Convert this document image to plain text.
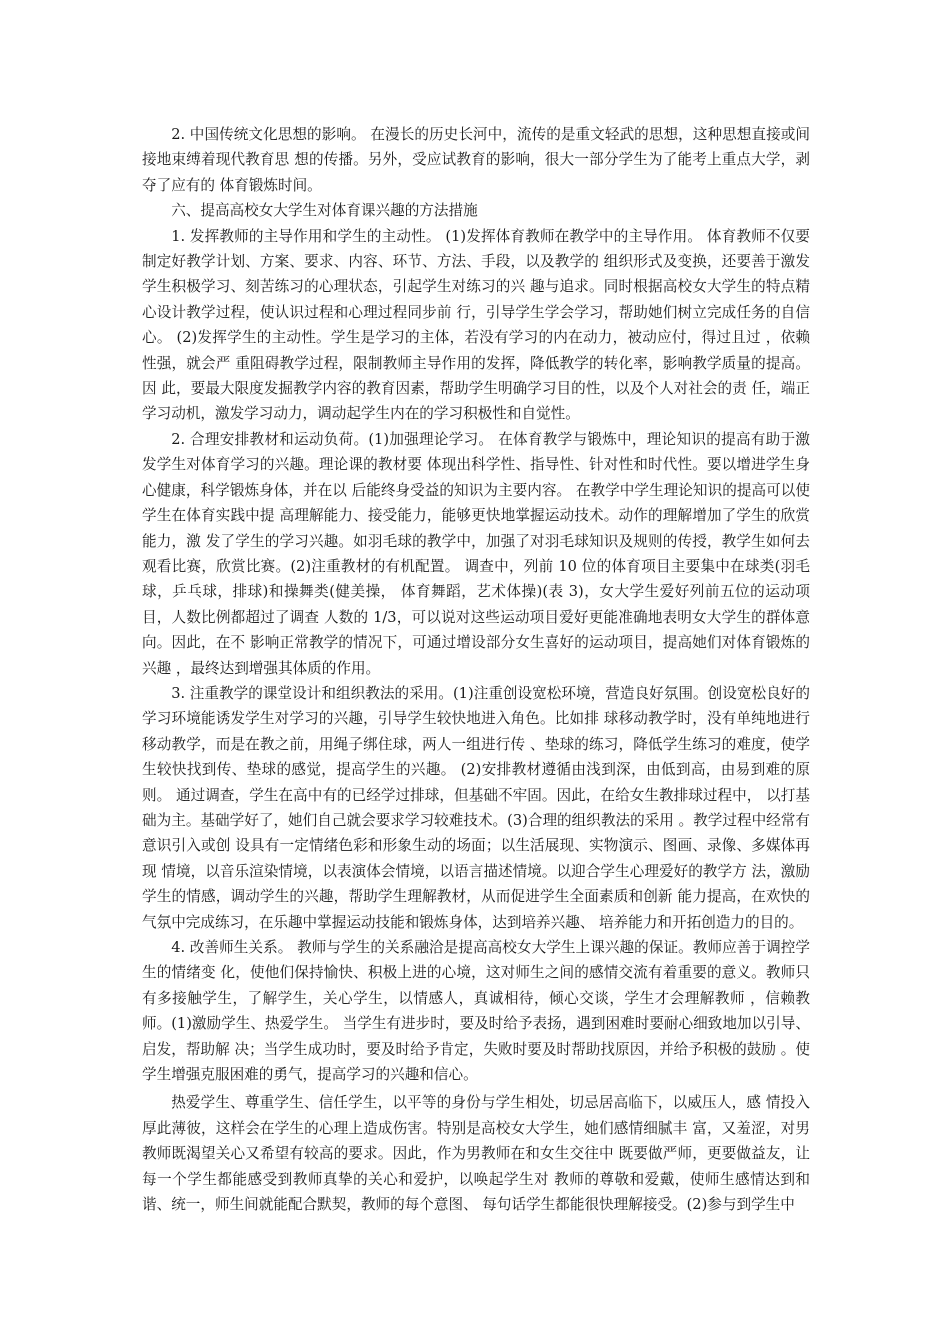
2. 中国传统文化思想的影响。 在漫长的历史长河中，流传的是重文轻武的思想，这种思想直接或间接地束缚着现代教育思 想的传播。另外，受应试教育的影响，很大一部分学生为了能考上重点大学，剥夺了应有的 体育锻炼时间。

六、提高高校女大学生对体育课兴趣的方法措施

1. 发挥教师的主导作用和学生的主动性。 (1)发挥体育教师在教学中的主导作用。 体育教师不仅要制定好教学计划、方案、要求、内容、环节、方法、手段，以及教学的 组织形式及变换，还要善于激发学生积极学习、刻苦练习的心理状态，引起学生对练习的兴 趣与追求。同时根据高校女大学生的特点精心设计教学过程，使认识过程和心理过程同步前 行，引导学生学会学习，帮助她们树立完成任务的自信心。 (2)发挥学生的主动性。学生是学习的主体，若没有学习的内在动力，被动应付，得过且过 ，依赖性强，就会严 重阻碍教学过程，限制教师主导作用的发挥，降低教学的转化率，影响教学质量的提高。因 此，要最大限度发掘教学内容的教育因素，帮助学生明确学习目的性，以及个人对社会的责 任，端正学习动机，激发学习动力，调动起学生内在的学习积极性和自觉性。

2. 合理安排教材和运动负荷。(1)加强理论学习。 在体育教学与锻炼中，理论知识的提高有助于激发学生对体育学习的兴趣。理论课的教材要 体现出科学性、指导性、针对性和时代性。要以增进学生身心健康，科学锻炼身体，并在以 后能终身受益的知识为主要内容。 在教学中学生理论知识的提高可以使学生在体育实践中提 高理解能力、接受能力，能够更快地掌握运动技术。动作的理解增加了学生的欣赏能力，激 发了学生的学习兴趣。如羽毛球的教学中，加强了对羽毛球知识及规则的传授，教学生如何去 观看比赛，欣赏比赛。(2)注重教材的有机配置。 调查中，列前 10 位的体育项目主要集中在球类(羽毛球，乒乓球，排球)和操舞类(健美操， 体育舞蹈，艺术体操)(表 3)，女大学生爱好列前五位的运动项目，人数比例都超过了调查 人数的 1/3，可以说对这些运动项目爱好更能准确地表明女大学生的群体意向。因此，在不 影响正常教学的情况下，可通过增设部分女生喜好的运动项目，提高她们对体育锻炼的兴趣 ，最终达到增强其体质的作用。

3. 注重教学的课堂设计和组织教法的采用。(1)注重创设宽松环境，营造良好氛围。创设宽松良好的学习环境能诱发学生对学习的兴趣，引导学生较快地进入角色。比如排 球移动教学时，没有单纯地进行移动教学，而是在教之前，用绳子绑住球，两人一组进行传 、垫球的练习，降低学生练习的难度，使学生较快找到传、垫球的感觉，提高学生的兴趣。 (2)安排教材遵循由浅到深，由低到高，由易到难的原则。 通过调查，学生在高中有的已经学过排球，但基础不牢固。因此，在给女生教排球过程中， 以打基础为主。基础学好了，她们自己就会要求学习较难技术。(3)合理的组织教法的采用 。教学过程中经常有意识引入或创 设具有一定情绪色彩和形象生动的场面；以生活展现、实物演示、图画、录像、多媒体再现 情境，以音乐渲染情境，以表演体会情境，以语言描述情境。以迎合学生心理爱好的教学方 法，激励学生的情感，调动学生的兴趣，帮助学生理解教材，从而促进学生全面素质和创新 能力提高，在欢快的气氛中完成练习，在乐趣中掌握运动技能和锻炼身体，达到培养兴趣、 培养能力和开拓创造力的目的。

4. 改善师生关系。 教师与学生的关系融洽是提高高校女大学生上课兴趣的保证。教师应善于调控学生的情绪变 化，使他们保持愉快、积极上进的心境，这对师生之间的感情交流有着重要的意义。教师只 有多接触学生，了解学生，关心学生，以情感人，真诚相待，倾心交谈，学生才会理解教师 ，信赖教师。(1)激励学生、热爱学生。 当学生有进步时，要及时给予表扬，遇到困难时要耐心细致地加以引导、启发，帮助解 决；当学生成功时，要及时给予肯定，失败时要及时帮助找原因，并给予积极的鼓励 。使学生增强克服困难的勇气，提高学习的兴趣和信心。

热爱学生、尊重学生、信任学生，以平等的身份与学生相处，切忌居高临下，以威压人，感 情投入厚此薄彼，这样会在学生的心理上造成伤害。特别是高校女大学生，她们感情细腻丰 富，又羞涩，对男教师既渴望关心又希望有较高的要求。因此，作为男教师在和女生交往中 既要做严师，更要做益友，让每一个学生都能感受到教师真挚的关心和爱护，以唤起学生对 教师的尊敬和爱戴，使师生感情达到和谐、统一，师生间就能配合默契，教师的每个意图、 每句话学生都能很快理解接受。(2)参与到学生中
